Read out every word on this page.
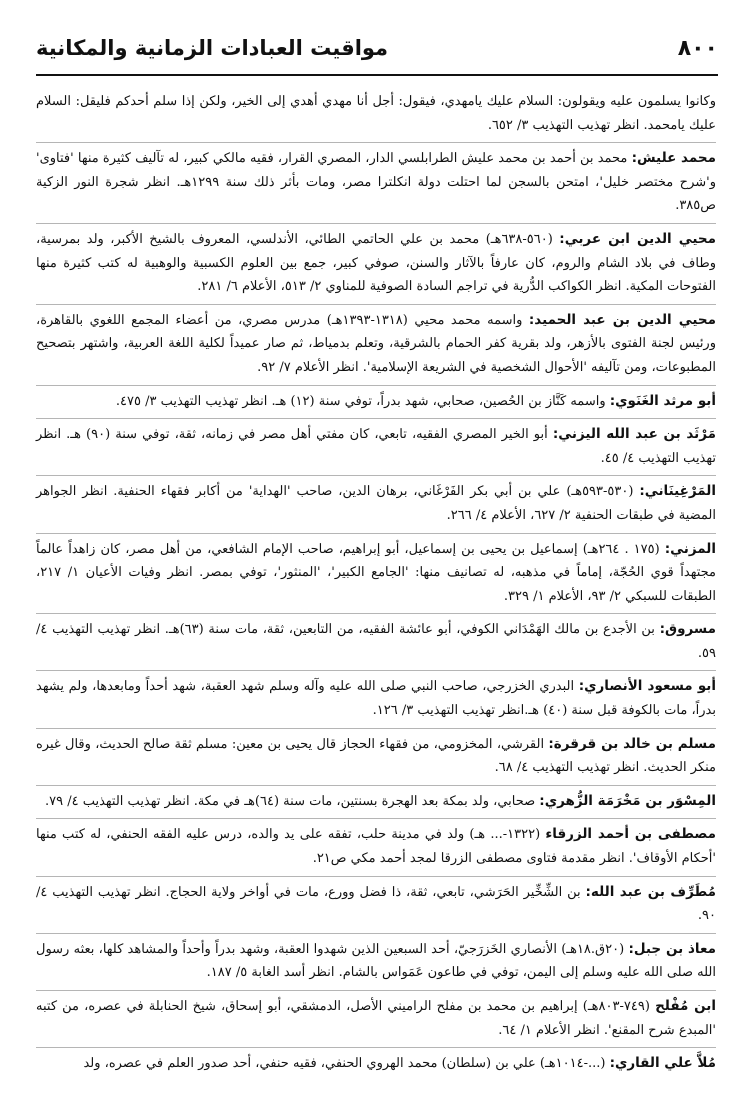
٨٠٠
مواقيت العبادات الزمانية والمكانية

وكانوا يسلمون عليه ويقولون: السلام عليك يامهدي، فيقول: أجل أنا مهدي أهدي إلى الخير، ولكن إذا سلم أحدكم فليقل: السلام عليك يامحمد. انظر تهذيب التهذيب ٣/ ٦٥٢.

محمد عليش: محمد بن أحمد بن محمد عليش الطرابلسي الدار، المصري القرار، فقيه مالكي كبير، له تآليف كثيرة منها 'فتاوى' و'شرح مختصر خليل'، امتحن بالسجن لما احتلت دولة انكلترا مصر، ومات بأثر ذلك سنة ١٢٩٩هـ. انظر شجرة النور الزكية ص٣٨٥.

محيي الدين ابن عربي: (٥٦٠-٦٣٨هـ) محمد بن علي الحاتمي الطائي، الأندلسي، المعروف بالشيخ الأكبر، ولد بمرسية، وطاف في بلاد الشام والروم، كان عارفاً بالآثار والسنن، صوفي كبير، جمع بين العلوم الكسبية والوهبية له كتب كثيرة منها الفتوحات المكية. انظر الكواكب الدُّرية في تراجم السادة الصوفية للمناوي ٢/ ٥١٣، الأعلام ٦/ ٢٨١.

محيي الدين بن عبد الحميد: واسمه محمد محيي (١٣١٨-١٣٩٣هـ) مدرس مصري، من أعضاء المجمع اللغوي بالقاهرة، ورئيس لجنة الفتوى بالأزهر، ولد بقرية كفر الحمام بالشرقية، وتعلم بدمياط، ثم صار عميداً لكلية اللغة العربية، واشتهر بتصحيح المطبوعات، ومن تآليفه 'الأحوال الشخصية في الشريعة الإسلامية'. انظر الأعلام ٧/ ٩٢.

أبو مرثد الغَنَوي: واسمه كَنَّاز بن الحُصين، صحابي، شهد بدراً، توفي سنة (١٢) هـ. انظر تهذيب التهذيب ٣/ ٤٧٥.

مَرْثَد بن عبد الله اليزني: أبو الخير المصري الفقيه، تابعي، كان مفتي أهل مصر في زمانه، ثقة، توفي سنة (٩٠) هـ. انظر تهذيب التهذيب ٤/ ٤٥.

المَرْغِينَاني: (٥٣٠-٥٩٣هـ) علي بن أبي بكر الفَرْغَاني، برهان الدين، صاحب 'الهداية' من أكابر فقهاء الحنفية. انظر الجواهر المضية في طبقات الحنفية ٢/ ٦٢٧، الأعلام ٤/ ٢٦٦.

المزني: (١٧٥ . ٢٦٤هـ) إسماعيل بن يحيى بن إسماعيل، أبو إبراهيم، صاحب الإمام الشافعي، من أهل مصر، كان زاهداً عالماً مجتهداً قوي الحُجّة، إماماً في مذهبه، له تصانيف منها: 'الجامع الكبير'، 'المنثور'، توفي بمصر. انظر وفيات الأعيان ١/ ٢١٧، الطبقات للسبكي ٢/ ٩٣، الأعلام ١/ ٣٢٩.

مسروق: بن الأجدع بن مالك الهَمْدَاني الكوفي، أبو عائشة الفقيه، من التابعين، ثقة، مات سنة (٦٣)هـ. انظر تهذيب التهذيب ٤/ ٥٩.

أبو مسعود الأنصاري: البدري الخزرجي، صاحب النبي صلى الله عليه وآله وسلم شهد العقبة، شهد أحداً ومابعدها، ولم يشهد بدراً، مات بالكوفة قبل سنة (٤٠) هـ.انظر تهذيب التهذيب ٣/ ١٢٦.

مسلم بن خالد بن قرقرة: القرشي، المخزومي، من فقهاء الحجاز قال يحيى بن معين: مسلم ثقة صالح الحديث، وقال غيره منكر الحديث. انظر تهذيب التهذيب ٤/ ٦٨.

المِسْوَر بن مَخْرَمَة الزُّهري: صحابي، ولد بمكة بعد الهجرة بسنتين، مات سنة (٦٤)هـ في مكة. انظر تهذيب التهذيب ٤/ ٧٩.

مصطفى بن أحمد الزرقاء (١٣٢٢-... هـ) ولد في مدينة حلب، تفقه على يد والده، درس عليه الفقه الحنفي، له كتب منها 'أحكام الأوقاف'. انظر مقدمة فتاوى مصطفى الزرقا لمجد أحمد مكي ص٢١.

مُطَرِّف بن عبد الله: بن الشِّخِّير الحَرَشي، تابعي، ثقة، ذا فضل وورع، مات في أواخر ولاية الحجاج. انظر تهذيب التهذيب ٤/ ٩٠.

معاذ بن جبل: (٢٠ق.١٨هـ) الأنصاري الخَزرَجيّ، أحد السبعين الذين شهدوا العقبة، وشهد بدراً وأحداً والمشاهد كلها، بعثه رسول الله صلى الله عليه وسلم إلى اليمن، توفي في طاعون عَمَواس بالشام. انظر أسد الغابة ٥/ ١٨٧.

ابن مُفْلح (٧٤٩-٨٠٣هـ) إبراهيم بن محمد بن مفلح الراميني الأصل، الدمشقي، أبو إسحاق، شيخ الحنابلة في عصره، من كتبه 'المبدع شرح المقنع'. انظر الأعلام ١/ ٦٤.

مُلاَّ علي القاري: (...-١٠١٤هـ) علي بن (سلطان) محمد الهروي الحنفي، فقيه حنفي، أحد صدور العلم في عصره، ولد
